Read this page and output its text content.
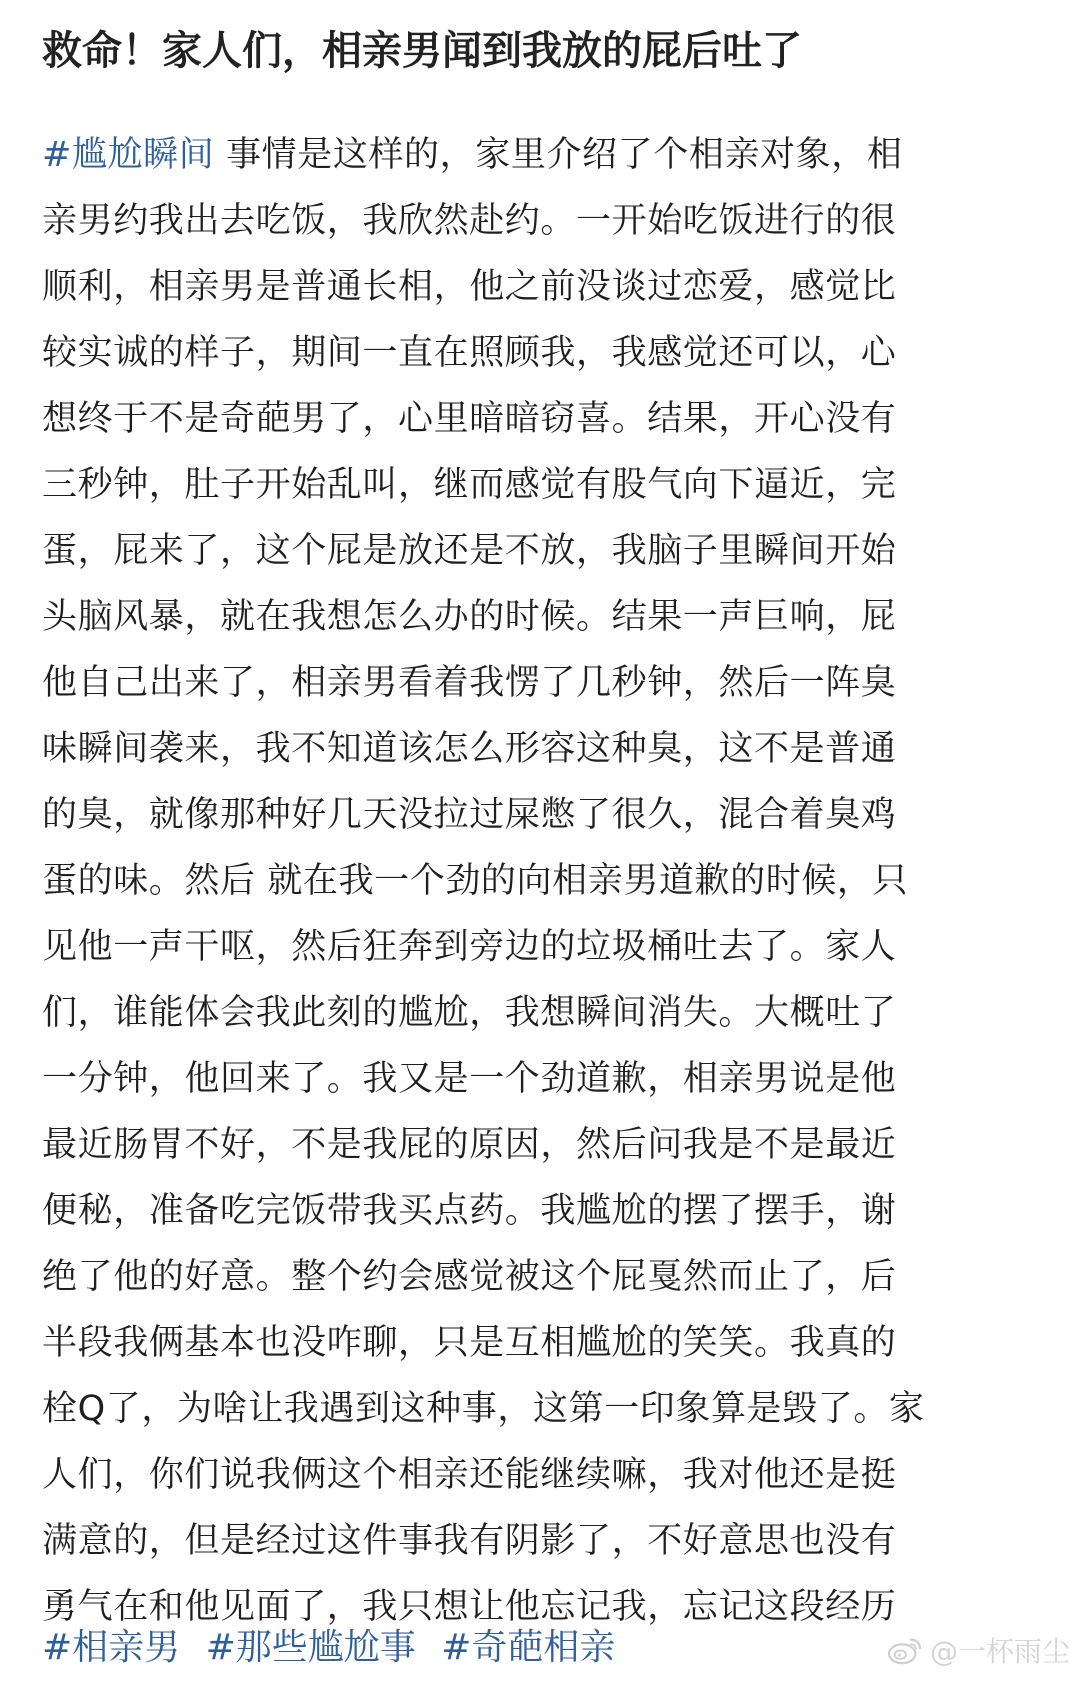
救命！家人们，相亲男闻到我放的屁后吐了
#尴尬瞬间 事情是这样的，家里介绍了个相亲对象，相
亲男约我出去吃饭，我欣然赴约。一开始吃饭进行的很
顺利，相亲男是普通长相，他之前没谈过恋爱，感觉比
较实诚的样子，期间一直在照顾我，我感觉还可以，心
想终于不是奇葩男了，心里暗暗窃喜。结果，开心没有
三秒钟，肚子开始乱叫，继而感觉有股气向下逼近，完
蛋，屁来了，这个屁是放还是不放，我脑子里瞬间开始
头脑风暴，就在我想怎么办的时候。结果一声巨响，屁
他自己出来了，相亲男看着我愣了几秒钟，然后一阵臭
味瞬间袭来，我不知道该怎么形容这种臭，这不是普通
的臭，就像那种好几天没拉过屎憋了很久，混合着臭鸡
蛋的味。然后 就在我一个劲的向相亲男道歉的时候，只
见他一声干呕，然后狂奔到旁边的垃圾桶吐去了。家人
们，谁能体会我此刻的尴尬，我想瞬间消失。大概吐了
一分钟，他回来了。我又是一个劲道歉，相亲男说是他
最近肠胃不好，不是我屁的原因，然后问我是不是最近
便秘，准备吃完饭带我买点药。我尴尬的摆了摆手，谢
绝了他的好意。整个约会感觉被这个屁戛然而止了，后
半段我俩基本也没咋聊，只是互相尴尬的笑笑。我真的
栓Q了，为啥让我遇到这种事，这第一印象算是毁了。家
人们，你们说我俩这个相亲还能继续嘛，我对他还是挺
满意的，但是经过这件事我有阴影了，不好意思也没有
勇气在和他见面了，我只想让他忘记我，忘记这段经历
#相亲男 #那些尴尬事 #奇葩相亲	@一杯雨尘
